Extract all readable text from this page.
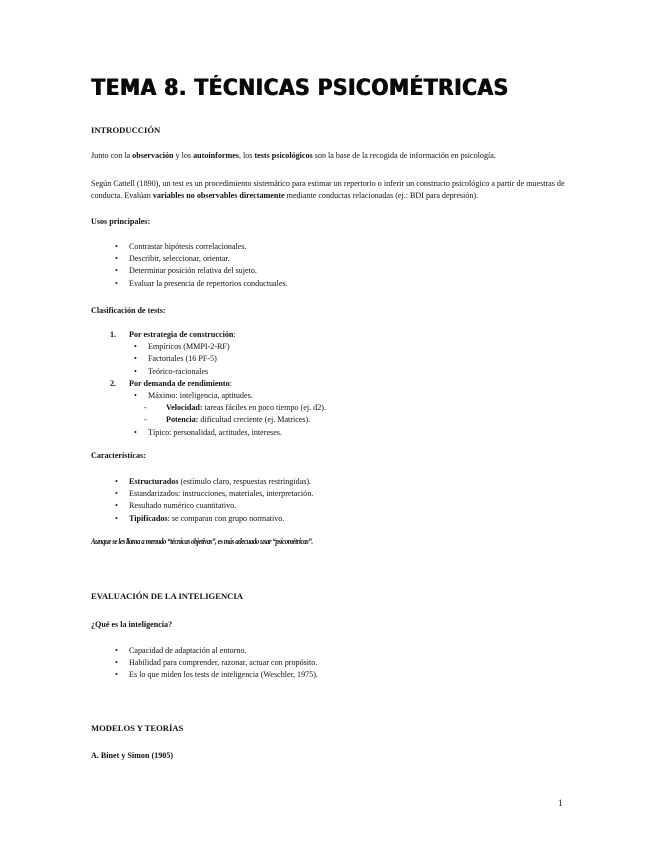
TEMA 8. TÉCNICAS PSICOMÉTRICAS
INTRODUCCIÓN

Junto con la observación y los autoinformes, los tests psicológicos son la base de la recogida de información en psicología.

Según Cattell (1890), un test es un procedimiento sistemático para estimar un repertorio o inferir un constructo psicológico a partir de muestras de conducta. Evalúan variables no observables directamente mediante conductas relacionadas (ej.: BDI para depresión).

Usos principales:
• Contrastar hipótesis correlacionales.
• Describir, seleccionar, orientar.
• Determinar posición relativa del sujeto.
• Evaluar la presencia de repertorios conductuales.
Clasificación de tests:
1. Por estrategia de construcción:
• Empíricos (MMPI-2-RF)
• Factoriales (16 PF-5)
• Teórico-racionales
2. Por demanda de rendimiento:
• Máximo: inteligencia, aptitudes.
- Velocidad: tareas fáciles en poco tiempo (ej. d2).
- Potencia: dificultad creciente (ej. Matrices).
• Típico: personalidad, actitudes, intereses.
Características:
• Estructurados (estímulo claro, respuestas restringidas).
• Estandarizados: instrucciones, materiales, interpretación.
• Resultado numérico cuantitativo.
• Tipificados: se comparan con grupo normativo.
Aunque se les llama a menudo “técnicas objetivas”, es más adecuado usar “psicométricas”.
EVALUACIÓN DE LA INTELIGENCIA
¿Qué es la inteligencia?
• Capacidad de adaptación al entorno.
• Habilidad para comprender, razonar, actuar con propósito.
• Es lo que miden los tests de inteligencia (Weschler, 1975).
MODELOS Y TEORÍAS
A. Binet y Simon (1905)
1
